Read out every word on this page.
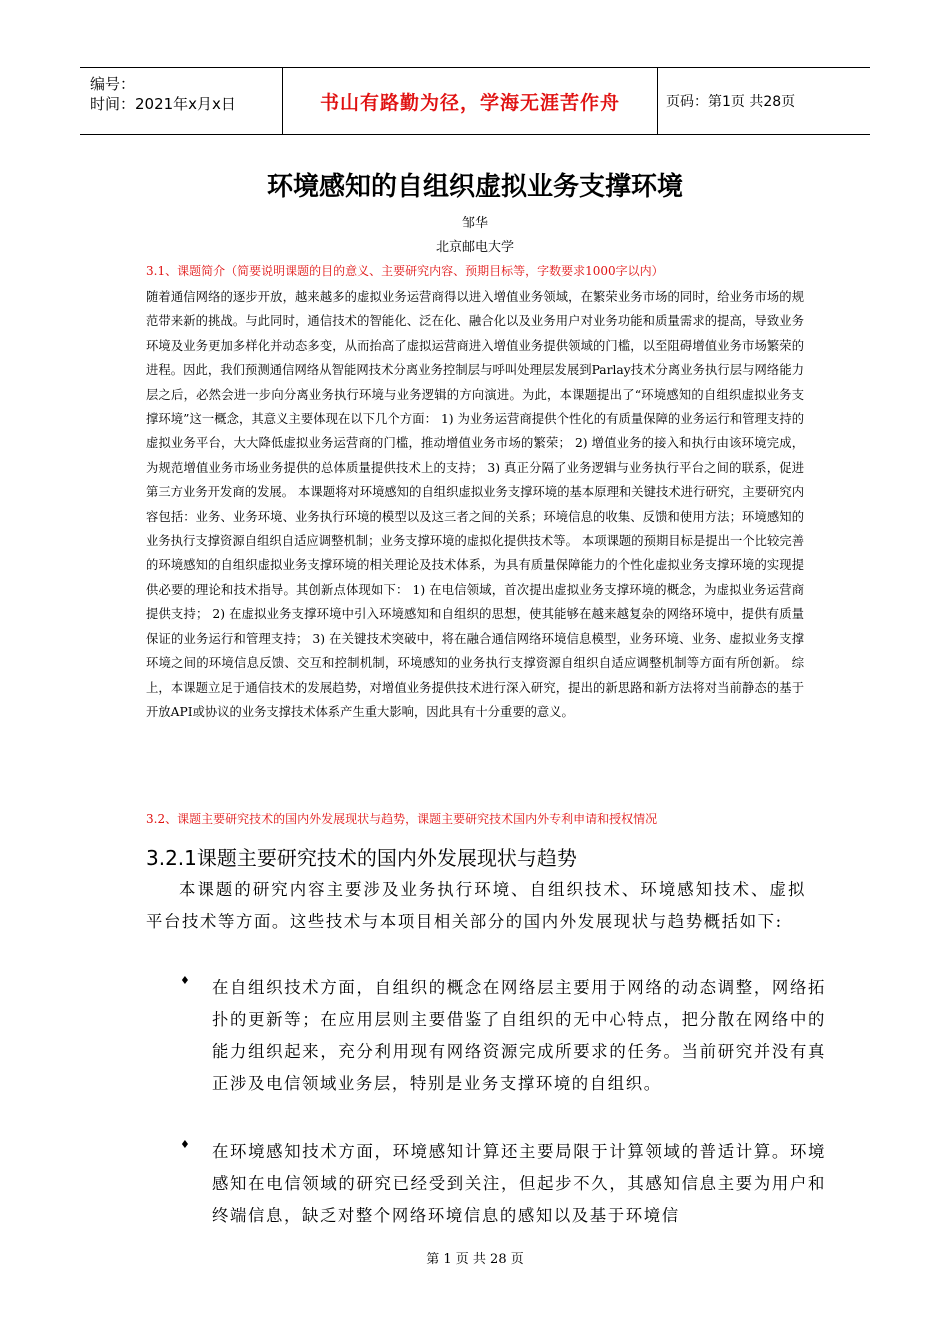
编号：
时间：2021年x月x日	书山有路勤为径，学海无涯苦作舟	页码：第1页 共28页
环境感知的自组织虚拟业务支撑环境
邹华
北京邮电大学
3.1、课题简介（简要说明课题的目的意义、主要研究内容、预期目标等，字数要求1000字以内）
随着通信网络的逐步开放，越来越多的虚拟业务运营商得以进入增值业务领域，在繁荣业务市场的同时，给业务市场的规范带来新的挑战。与此同时，通信技术的智能化、泛在化、融合化以及业务用户对业务功能和质量需求的提高，导致业务环境及业务更加多样化并动态多变，从而抬高了虚拟运营商进入增值业务提供领域的门槛，以至阻碍增值业务市场繁荣的进程。因此，我们预测通信网络从智能网技术分离业务控制层与呼叫处理层发展到Parlay技术分离业务执行层与网络能力层之后，必然会进一步向分离业务执行环境与业务逻辑的方向演进。为此，本课题提出了“环境感知的自组织虚拟业务支撑环境”这一概念，其意义主要体现在以下几个方面： 1) 为业务运营商提供个性化的有质量保障的业务运行和管理支持的虚拟业务平台，大大降低虚拟业务运营商的门槛，推动增值业务市场的繁荣； 2) 增值业务的接入和执行由该环境完成，为规范增值业务市场业务提供的总体质量提供技术上的支持； 3) 真正分隔了业务逻辑与业务执行平台之间的联系，促进第三方业务开发商的发展。 本课题将对环境感知的自组织虚拟业务支撑环境的基本原理和关键技术进行研究，主要研究内容包括：业务、业务环境、业务执行环境的模型以及这三者之间的关系；环境信息的收集、反馈和使用方法；环境感知的业务执行支撑资源自组织自适应调整机制；业务支撑环境的虚拟化提供技术等。 本项课题的预期目标是提出一个比较完善的环境感知的自组织虚拟业务支撑环境的相关理论及技术体系，为具有质量保障能力的个性化虚拟业务支撑环境的实现提供必要的理论和技术指导。其创新点体现如下： 1) 在电信领域，首次提出虚拟业务支撑环境的概念，为虚拟业务运营商提供支持； 2) 在虚拟业务支撑环境中引入环境感知和自组织的思想，使其能够在越来越复杂的网络环境中，提供有质量保证的业务运行和管理支持； 3) 在关键技术突破中，将在融合通信网络环境信息模型，业务环境、业务、虚拟业务支撑环境之间的环境信息反馈、交互和控制机制，环境感知的业务执行支撑资源自组织自适应调整机制等方面有所创新。 综上，本课题立足于通信技术的发展趋势，对增值业务提供技术进行深入研究，提出的新思路和新方法将对当前静态的基于开放API或协议的业务支撑技术体系产生重大影响，因此具有十分重要的意义。
3.2、课题主要研究技术的国内外发展现状与趋势，课题主要研究技术国内外专利申请和授权情况
3.2.1课题主要研究技术的国内外发展现状与趋势
本课题的研究内容主要涉及业务执行环境、自组织技术、环境感知技术、虚拟平台技术等方面。这些技术与本项目相关部分的国内外发展现状与趋势概括如下:
♦ 在自组织技术方面，自组织的概念在网络层主要用于网络的动态调整，网络拓扑的更新等；在应用层则主要借鉴了自组织的无中心特点，把分散在网络中的能力组织起来，充分利用现有网络资源完成所要求的任务。当前研究并没有真正涉及电信领域业务层，特别是业务支撑环境的自组织。
♦ 在环境感知技术方面，环境感知计算还主要局限于计算领域的普适计算。环境感知在电信领域的研究已经受到关注，但起步不久，其感知信息主要为用户和终端信息，缺乏对整个网络环境信息的感知以及基于环境信
第 1 页 共 28 页
